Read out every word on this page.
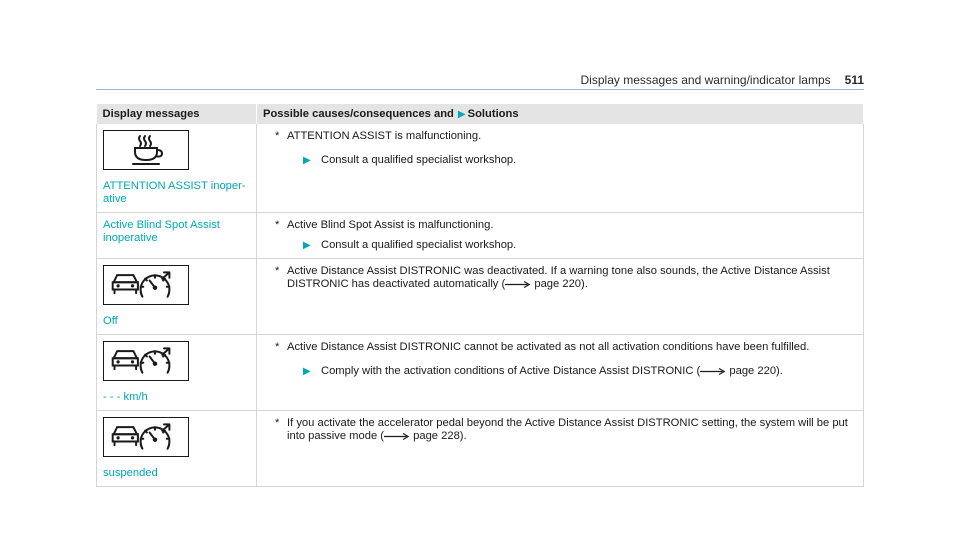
Display messages and warning/indicator lamps 511
Display messages	Possible causes/consequences and ▶ Solutions

ATTENTION ASSIST inoper-ative	* ATTENTION ASSIST is malfunctioning.
▶ Consult a qualified specialist workshop.

Active Blind Spot Assist inoperative	* Active Blind Spot Assist is malfunctioning.
▶ Consult a qualified specialist workshop.

Off	* Active Distance Assist DISTRONIC was deactivated. If a warning tone also sounds, the Active Distance Assist DISTRONIC has deactivated automatically ( page 220).

- - - km/h	* Active Distance Assist DISTRONIC cannot be activated as not all activation conditions have been fulfilled.
▶ Comply with the activation conditions of Active Distance Assist DISTRONIC ( page 220).

suspended	* If you activate the accelerator pedal beyond the Active Distance Assist DISTRONIC setting, the system will be put into passive mode ( page 228).
